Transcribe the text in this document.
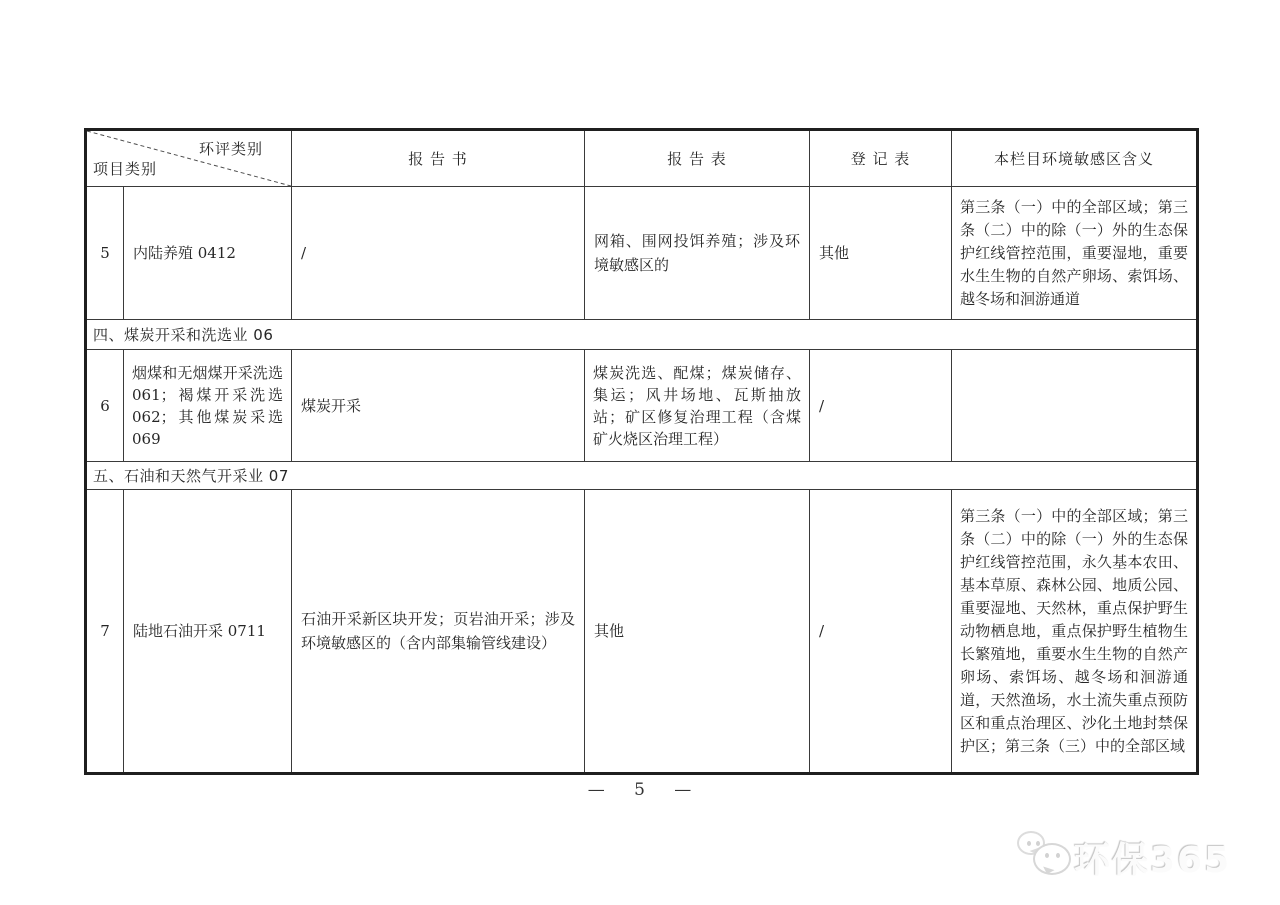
环评类别
项目类别		报 告 书	报 告 表	登 记 表	本栏目环境敏感区含义
5	内陆养殖 0412	/	网箱、围网投饵养殖；涉及环境敏感区的	其他	第三条（一）中的全部区域；第三条（二）中的除（一）外的生态保护红线管控范围，重要湿地，重要水生生物的自然产卵场、索饵场、越冬场和洄游通道
四、煤炭开采和洗选业 06					
6	烟煤和无烟煤开采洗选 061；褐煤开采洗选 062；其他煤炭采选 069	煤炭开采	煤炭洗选、配煤；煤炭储存、集运；风井场地、瓦斯抽放站；矿区修复治理工程（含煤矿火烧区治理工程）	/	
五、石油和天然气开采业 07					
7	陆地石油开采 0711	石油开采新区块开发；页岩油开采；涉及环境敏感区的（含内部集输管线建设）	其他	/	第三条（一）中的全部区域；第三条（二）中的除（一）外的生态保护红线管控范围，永久基本农田、基本草原、森林公园、地质公园、重要湿地、天然林，重点保护野生动物栖息地，重点保护野生植物生长繁殖地，重要水生生物的自然产卵场、索饵场、越冬场和洄游通道，天然渔场，水土流失重点预防区和重点治理区、沙化土地封禁保护区；第三条（三）中的全部区域
— 5 —
环保365
